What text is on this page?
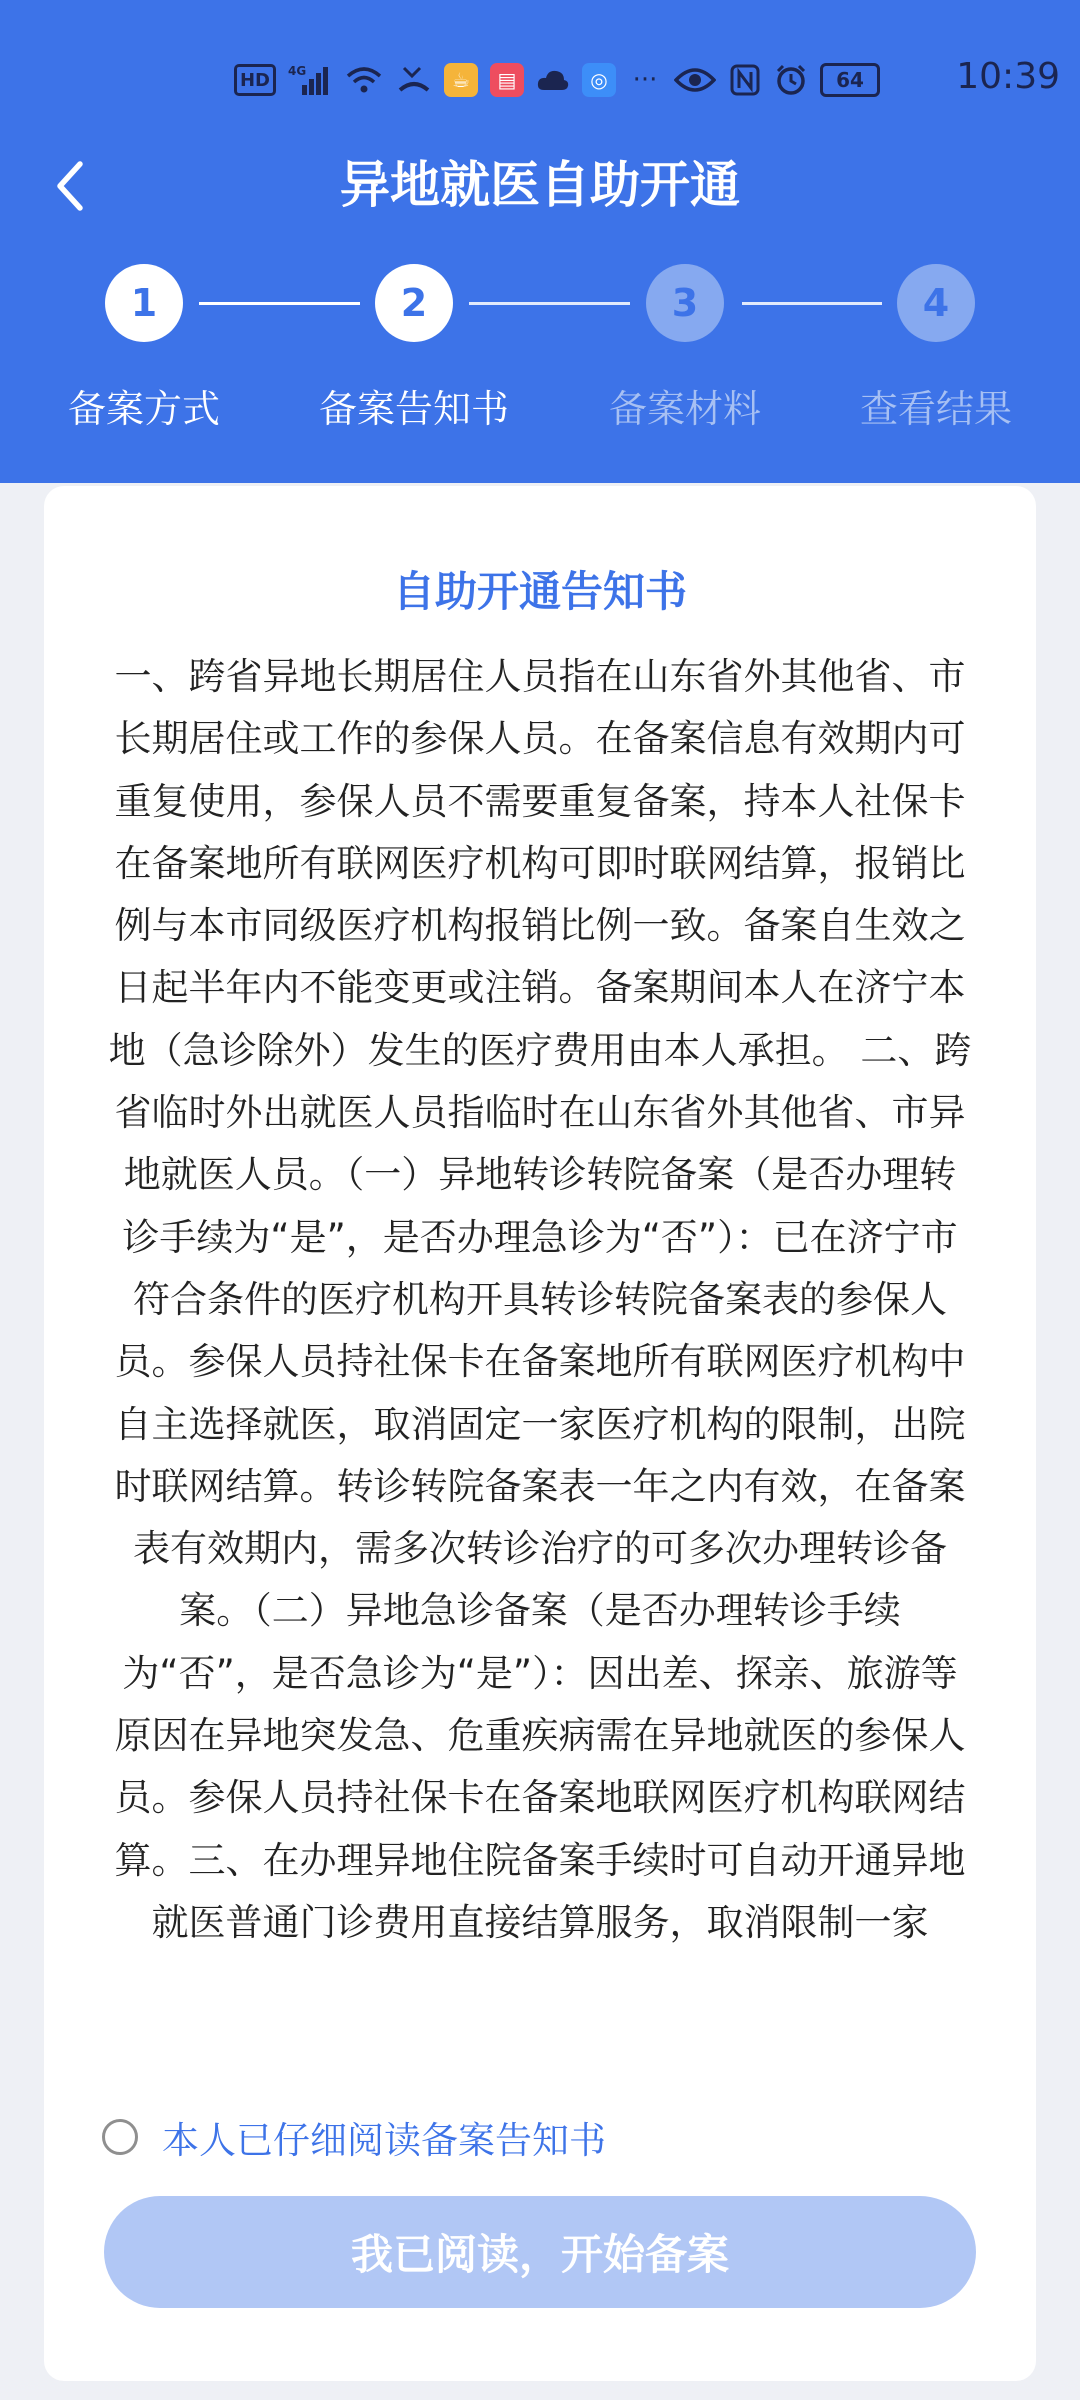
HD	4G	☕	▤	◎ ···	64	10:39
异地就医自助开通
1	2	3	4
备案方式	备案告知书	备案材料	查看结果
自助开通告知书
一、跨省异地长期居住人员指在山东省外其他省、市长期居住或工作的参保人员。在备案信息有效期内可重复使用，参保人员不需要重复备案，持本人社保卡在备案地所有联网医疗机构可即时联网结算，报销比例与本市同级医疗机构报销比例一致。备案自生效之日起半年内不能变更或注销。备案期间本人在济宁本地（急诊除外）发生的医疗费用由本人承担。 二、跨省临时外出就医人员指临时在山东省外其他省、市异地就医人员。（一）异地转诊转院备案（是否办理转诊手续为“是”，是否办理急诊为“否”）：已在济宁市符合条件的医疗机构开具转诊转院备案表的参保人员。参保人员持社保卡在备案地所有联网医疗机构中自主选择就医，取消固定一家医疗机构的限制，出院时联网结算。转诊转院备案表一年之内有效，在备案表有效期内，需多次转诊治疗的可多次办理转诊备案。（二）异地急诊备案（是否办理转诊手续为“否”，是否急诊为“是”）：因出差、探亲、旅游等原因在异地突发急、危重疾病需在异地就医的参保人员。参保人员持社保卡在备案地联网医疗机构联网结算。三、在办理异地住院备案手续时可自动开通异地就医普通门诊费用直接结算服务，取消限制一家
本人已仔细阅读备案告知书
我已阅读，开始备案
